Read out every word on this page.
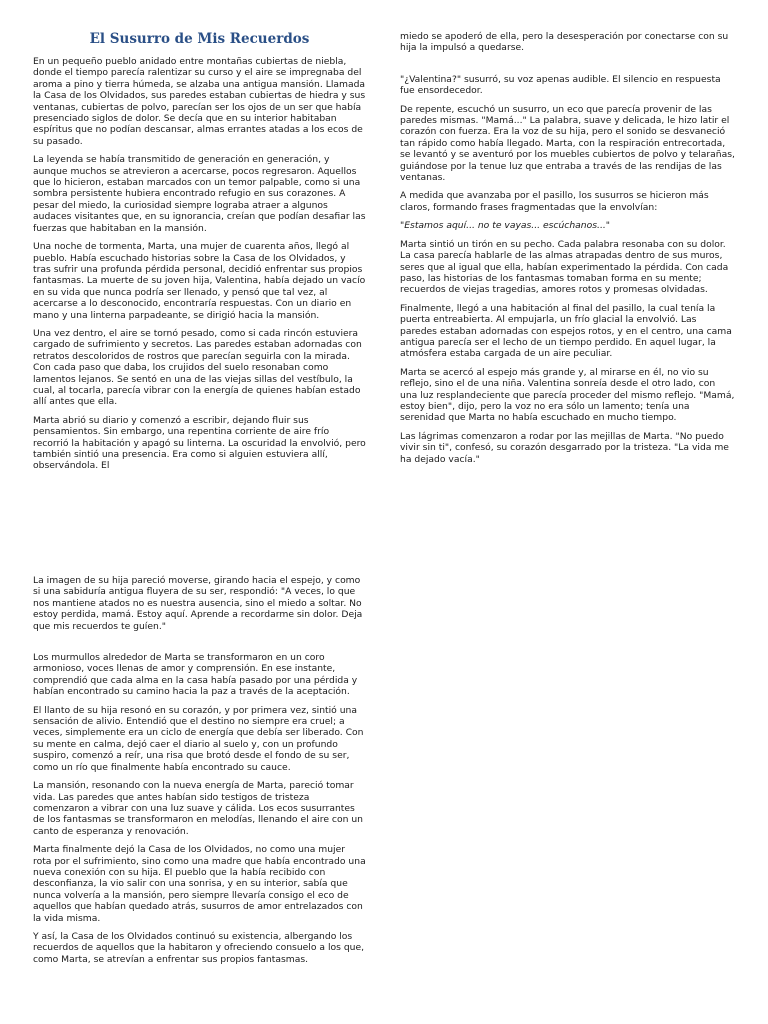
El Susurro de Mis Recuerdos

En un pequeño pueblo anidado entre montañas cubiertas de niebla, donde el tiempo parecía ralentizar su curso y el aire se impregnaba del aroma a pino y tierra húmeda, se alzaba una antigua mansión. Llamada la Casa de los Olvidados, sus paredes estaban cubiertas de hiedra y sus ventanas, cubiertas de polvo, parecían ser los ojos de un ser que había presenciado siglos de dolor. Se decía que en su interior habitaban espíritus que no podían descansar, almas errantes atadas a los ecos de su pasado.

La leyenda se había transmitido de generación en generación, y aunque muchos se atrevieron a acercarse, pocos regresaron. Aquellos que lo hicieron, estaban marcados con un temor palpable, como si una sombra persistente hubiera encontrado refugio en sus corazones. A pesar del miedo, la curiosidad siempre lograba atraer a algunos audaces visitantes que, en su ignorancia, creían que podían desafiar las fuerzas que habitaban en la mansión.

Una noche de tormenta, Marta, una mujer de cuarenta años, llegó al pueblo. Había escuchado historias sobre la Casa de los Olvidados, y tras sufrir una profunda pérdida personal, decidió enfrentar sus propios fantasmas. La muerte de su joven hija, Valentina, había dejado un vacío en su vida que nunca podría ser llenado, y pensó que tal vez, al acercarse a lo desconocido, encontraría respuestas. Con un diario en mano y una linterna parpadeante, se dirigió hacia la mansión.

Una vez dentro, el aire se tornó pesado, como si cada rincón estuviera cargado de sufrimiento y secretos. Las paredes estaban adornadas con retratos descoloridos de rostros que parecían seguirla con la mirada. Con cada paso que daba, los crujidos del suelo resonaban como lamentos lejanos. Se sentó en una de las viejas sillas del vestíbulo, la cual, al tocarla, parecía vibrar con la energía de quienes habían estado allí antes que ella.

Marta abrió su diario y comenzó a escribir, dejando fluir sus pensamientos. Sin embargo, una repentina corriente de aire frío recorrió la habitación y apagó su linterna. La oscuridad la envolvió, pero también sintió una presencia. Era como si alguien estuviera allí, observándola. El

miedo se apoderó de ella, pero la desesperación por conectarse con su hija la impulsó a quedarse.

"¿Valentina?" susurró, su voz apenas audible. El silencio en respuesta fue ensordecedor.

De repente, escuchó un susurro, un eco que parecía provenir de las paredes mismas. "Mamá..." La palabra, suave y delicada, le hizo latir el corazón con fuerza. Era la voz de su hija, pero el sonido se desvaneció tan rápido como había llegado. Marta, con la respiración entrecortada, se levantó y se aventuró por los muebles cubiertos de polvo y telarañas, guiándose por la tenue luz que entraba a través de las rendijas de las ventanas.

A medida que avanzaba por el pasillo, los susurros se hicieron más claros, formando frases fragmentadas que la envolvían:

"Estamos aquí... no te vayas... escúchanos..."

Marta sintió un tirón en su pecho. Cada palabra resonaba con su dolor. La casa parecía hablarle de las almas atrapadas dentro de sus muros, seres que al igual que ella, habían experimentado la pérdida. Con cada paso, las historias de los fantasmas tomaban forma en su mente; recuerdos de viejas tragedias, amores rotos y promesas olvidadas.

Finalmente, llegó a una habitación al final del pasillo, la cual tenía la puerta entreabierta. Al empujarla, un frío glacial la envolvió. Las paredes estaban adornadas con espejos rotos, y en el centro, una cama antigua parecía ser el lecho de un tiempo perdido. En aquel lugar, la atmósfera estaba cargada de un aire peculiar.

Marta se acercó al espejo más grande y, al mirarse en él, no vio su reflejo, sino el de una niña. Valentina sonreía desde el otro lado, con una luz resplandeciente que parecía proceder del mismo reflejo. "Mamá, estoy bien", dijo, pero la voz no era sólo un lamento; tenía una serenidad que Marta no había escuchado en mucho tiempo.

Las lágrimas comenzaron a rodar por las mejillas de Marta. "No puedo vivir sin ti", confesó, su corazón desgarrado por la tristeza. "La vida me ha dejado vacía."

La imagen de su hija pareció moverse, girando hacia el espejo, y como si una sabiduría antigua fluyera de su ser, respondió: "A veces, lo que nos mantiene atados no es nuestra ausencia, sino el miedo a soltar. No estoy perdida, mamá. Estoy aquí. Aprende a recordarme sin dolor. Deja que mis recuerdos te guíen."

Los murmullos alrededor de Marta se transformaron en un coro armonioso, voces llenas de amor y comprensión. En ese instante, comprendió que cada alma en la casa había pasado por una pérdida y habían encontrado su camino hacia la paz a través de la aceptación.

El llanto de su hija resonó en su corazón, y por primera vez, sintió una sensación de alivio. Entendió que el destino no siempre era cruel; a veces, simplemente era un ciclo de energía que debía ser liberado. Con su mente en calma, dejó caer el diario al suelo y, con un profundo suspiro, comenzó a reír, una risa que brotó desde el fondo de su ser, como un río que finalmente había encontrado su cauce.

La mansión, resonando con la nueva energía de Marta, pareció tomar vida. Las paredes que antes habían sido testigos de tristeza comenzaron a vibrar con una luz suave y cálida. Los ecos susurrantes de los fantasmas se transformaron en melodías, llenando el aire con un canto de esperanza y renovación.

Marta finalmente dejó la Casa de los Olvidados, no como una mujer rota por el sufrimiento, sino como una madre que había encontrado una nueva conexión con su hija. El pueblo que la había recibido con desconfianza, la vio salir con una sonrisa, y en su interior, sabía que nunca volvería a la mansión, pero siempre llevaría consigo el eco de aquellos que habían quedado atrás, susurros de amor entrelazados con la vida misma.

Y así, la Casa de los Olvidados continuó su existencia, albergando los recuerdos de aquellos que la habitaron y ofreciendo consuelo a los que, como Marta, se atrevían a enfrentar sus propios fantasmas.
